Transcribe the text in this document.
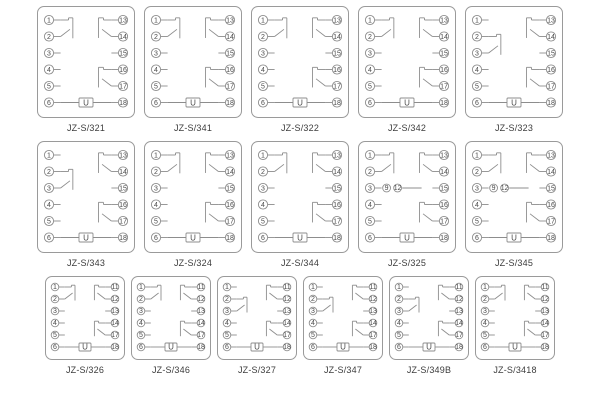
1
2
3
4
5
6
13
14
15
16
17
18
U
JZ-S/321
1
2
3
4
5
6
13
14
15
16
17
18
U
JZ-S/341
1
2
3
4
5
6
13
14
15
16
17
18
U
JZ-S/322
1
2
3
4
5
6
13
14
15
16
17
18
U
JZ-S/342
1
2
3
4
5
6
13
14
15
16
17
18
U
JZ-S/323
1
2
3
4
5
6
13
14
15
16
17
18
U
JZ-S/343
1
2
3
4
5
6
13
14
15
16
17
18
U
JZ-S/324
1
2
3
4
5
6
13
14
15
16
17
18
U
JZ-S/344
1
2
3
4
5
6
13
14
15
16
17
18
9 12
U
JZ-S/325
1
2
3
4
5
6
13
14
15
16
17
18
9 12
U
JZ-S/345
1
2
3
4
5
6
11
12
13
14
17
18
U
JZ-S/326
1
2
3
4
5
6
11
12
13
14
17
18
U
JZ-S/346
1
2
3
4
5
6
11
12
13
14
17
18
U
JZ-S/327
1
2
3
4
5
6
11
12
13
14
17
18
U
JZ-S/347
1
2
3
4
5
6
11
12
13
14
17
18
U
JZ-S/349B
1
2
3
4
5
6
11
12
13
14
17
18
U
JZ-S/3418
